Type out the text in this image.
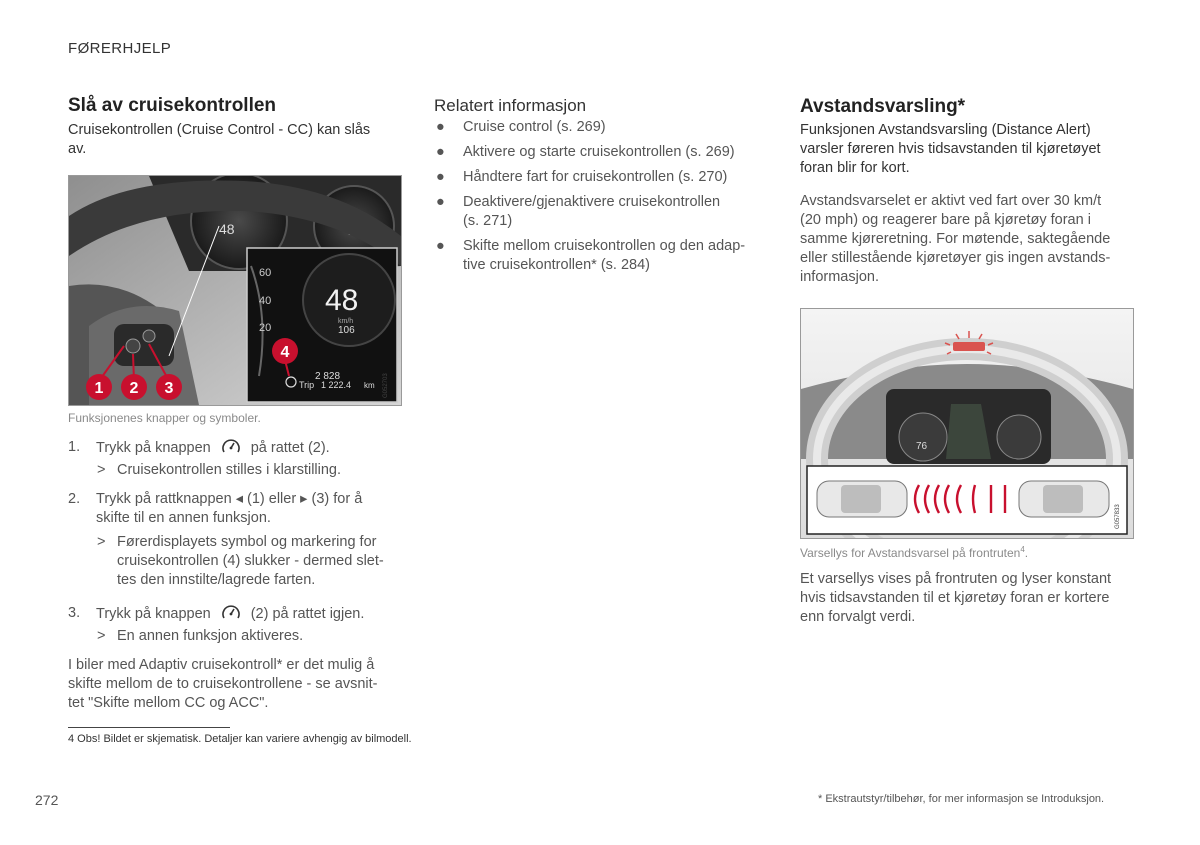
FØRERHJELP
Slå av cruisekontrollen
Cruisekontrollen (Cruise Control - CC) kan slås
av.
48
60
40
20
48
km/h
106
2 828
Trip 1 222.4 km G052703
1 2 3
4
Funksjonenes knapper og symboler.
1. Trykk på knappen	på rattet (2).
> Cruisekontrollen stilles i klarstilling.
2. Trykk på rattknappen ◂ (1) eller ▸ (3) for å
skifte til en annen funksjon.
> Førerdisplayets symbol og markering for
cruisekontrollen (4) slukker - dermed slet-
tes den innstilte/lagrede farten.
3. Trykk på knappen	(2) på rattet igjen.
> En annen funksjon aktiveres.
I biler med Adaptiv cruisekontroll* er det mulig å
skifte mellom de to cruisekontrollene - se avsnit-
tet "Skifte mellom CC og ACC".
4 Obs! Bildet er skjematisk. Detaljer kan variere avhengig av bilmodell.
Relatert informasjon
● Cruise control (s. 269)
● Aktivere og starte cruisekontrollen (s. 269)
● Håndtere fart for cruisekontrollen (s. 270)
● Deaktivere/gjenaktivere cruisekontrollen
(s. 271)
● Skifte mellom cruisekontrollen og den adap-
tive cruisekontrollen* (s. 284)
Avstandsvarsling*
Funksjonen Avstandsvarsling (Distance Alert)
varsler føreren hvis tidsavstanden til kjøretøyet
foran blir for kort.
Avstandsvarselet er aktivt ved fart over 30 km/t
(20 mph) og reagerer bare på kjøretøy foran i
samme kjøreretning. For møtende, saktegående
eller stillestående kjøretøyer gis ingen avstands-
informasjon.
76
G057833
Varsellys for Avstandsvarsel på frontruten$^4$.
Et varsellys vises på frontruten og lyser konstant
hvis tidsavstanden til et kjøretøy foran er kortere
enn forvalgt verdi.
272	* Ekstrautstyr/tilbehør, for mer informasjon se Introduksjon.
